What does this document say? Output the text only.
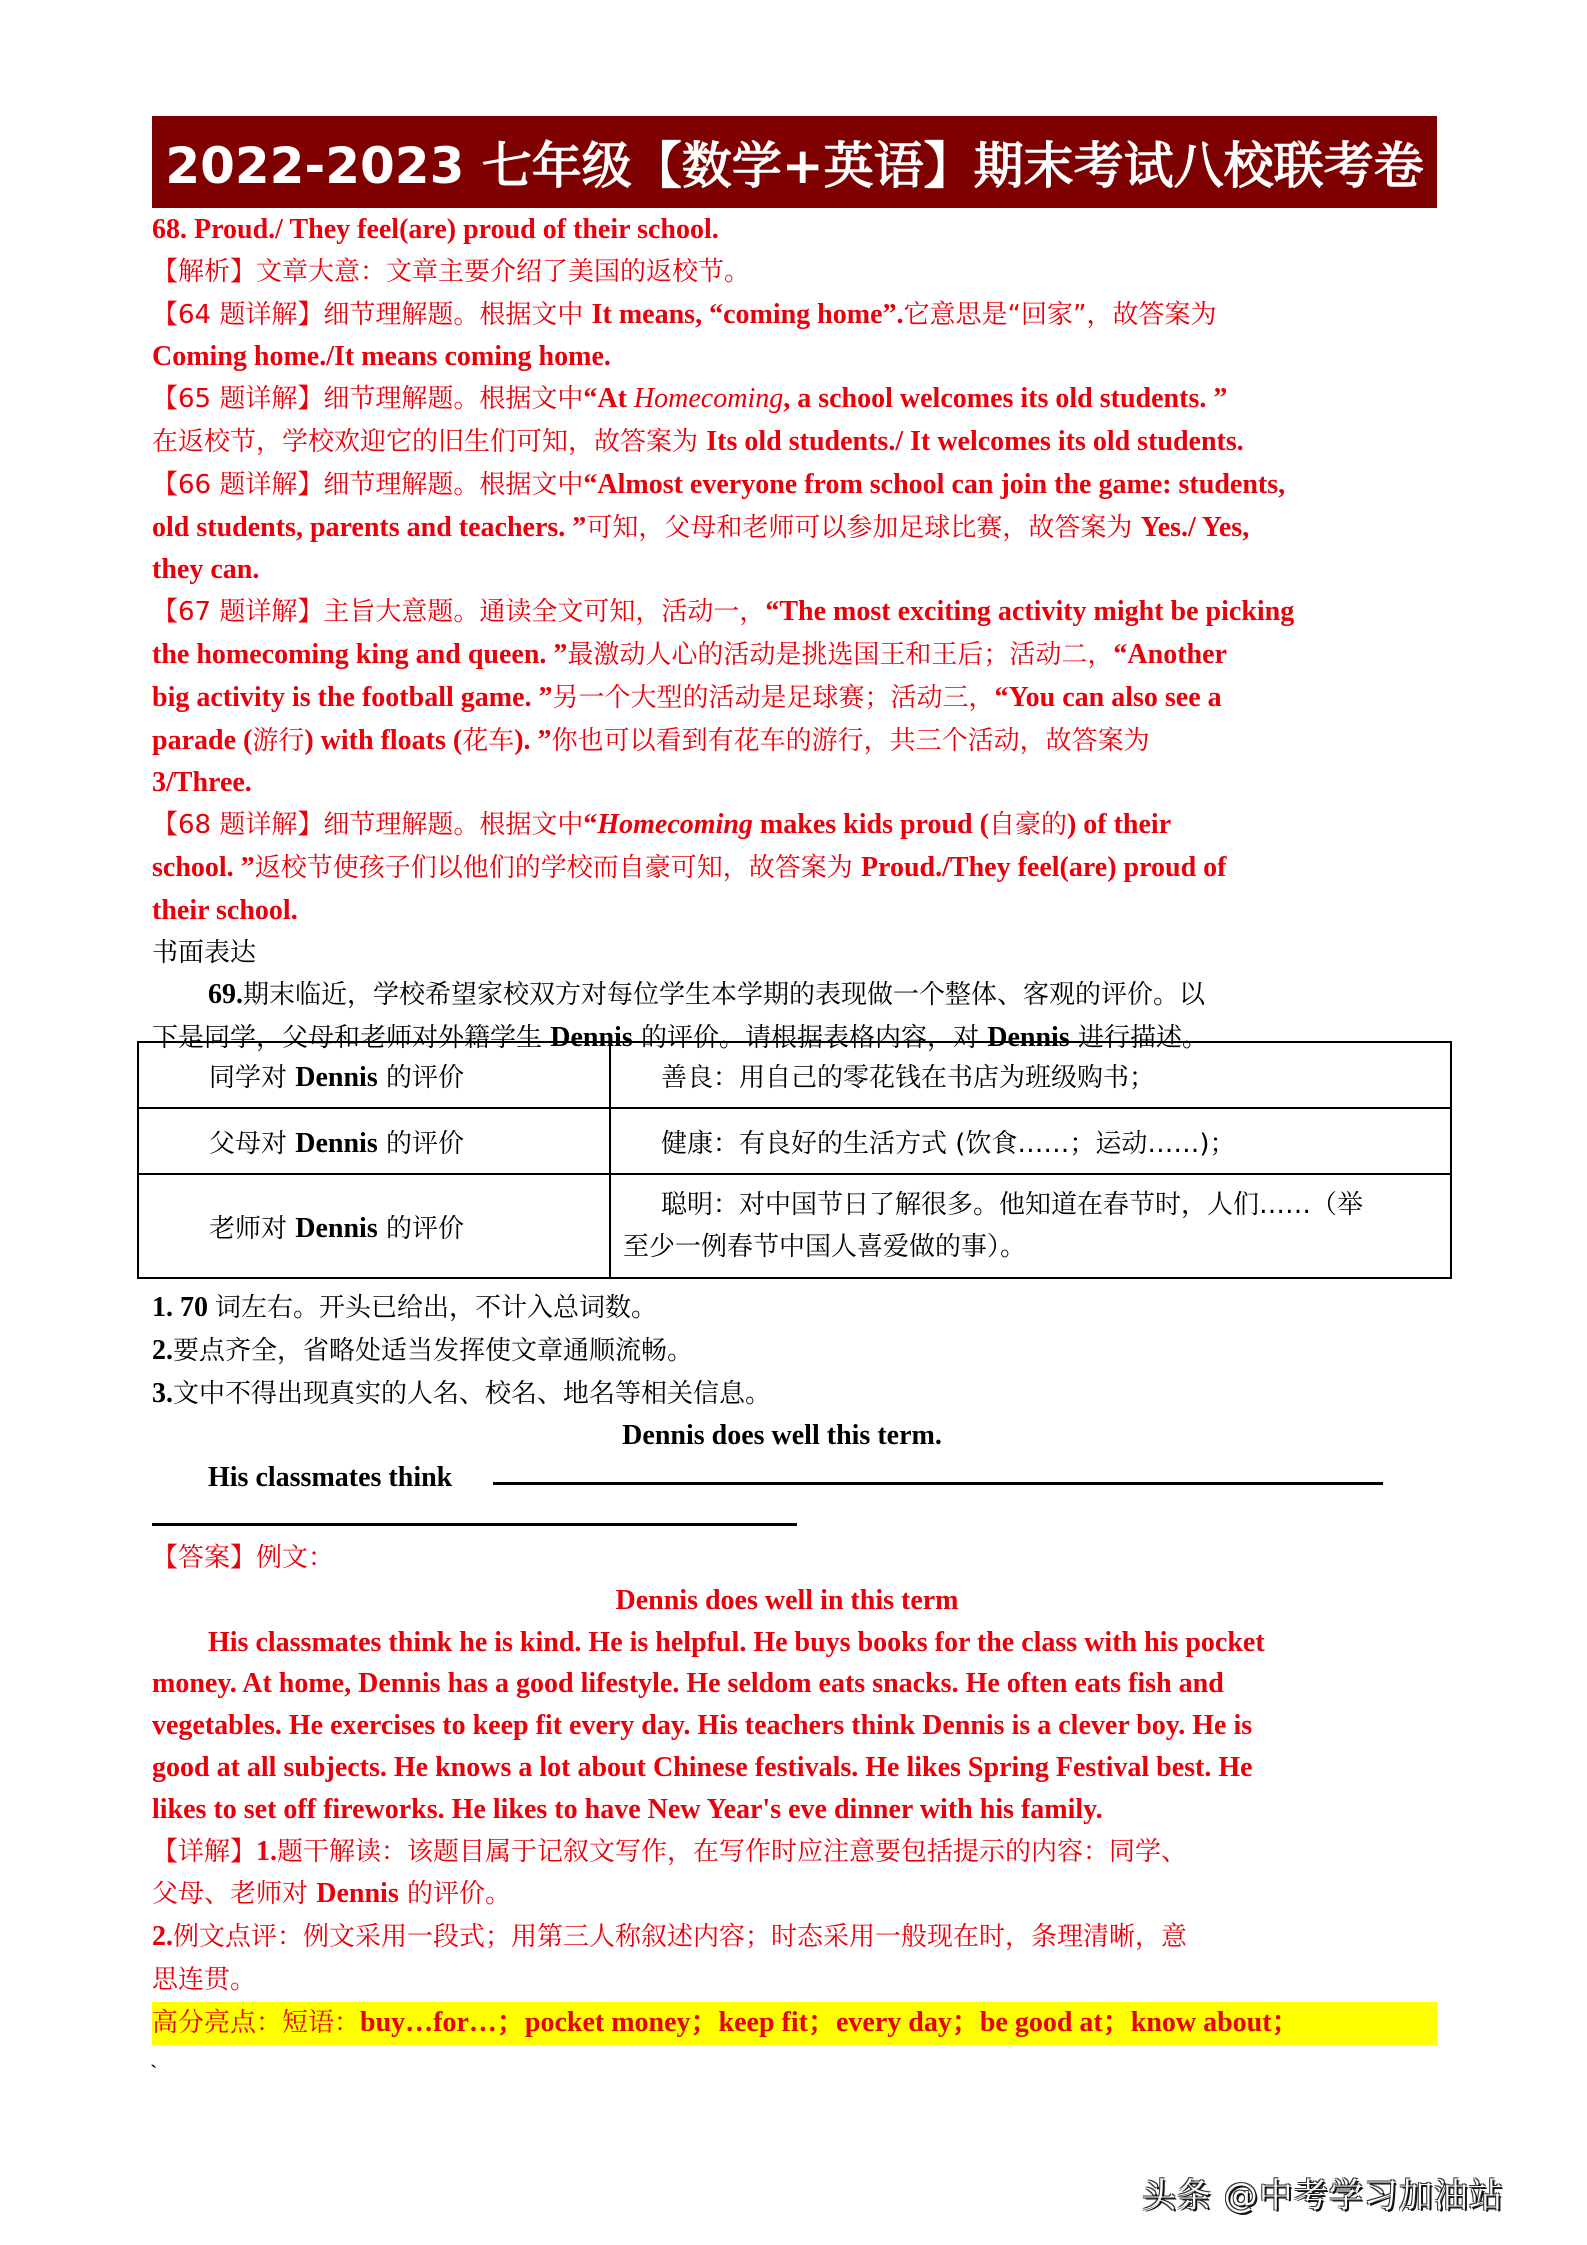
2022-2023 七年级【数学+英语】期末考试八校联考卷
68. Proud./ They feel(are) proud of their school.
【解析】文章大意：文章主要介绍了美国的返校节。
【64 题详解】细节理解题。根据文中 It means, “coming home”.它意思是“回家”，故答案为
Coming home./It means coming home.
【65 题详解】细节理解题。根据文中“At Homecoming, a school welcomes its old students. ”
在返校节，学校欢迎它的旧生们可知，故答案为 Its old students./ It welcomes its old students.
【66 题详解】细节理解题。根据文中“Almost everyone from school can join the game: students,
old students, parents and teachers. ”可知，父母和老师可以参加足球比赛，故答案为 Yes./ Yes,
they can.
【67 题详解】主旨大意题。通读全文可知，活动一，“The most exciting activity might be picking
the homecoming king and queen. ”最激动人心的活动是挑选国王和王后；活动二，“Another
big activity is the football game. ”另一个大型的活动是足球赛；活动三，“You can also see a
parade (游行) with floats (花车). ”你也可以看到有花车的游行，共三个活动，故答案为
3/Three.
【68 题详解】细节理解题。根据文中“Homecoming makes kids proud (自豪的) of their
school. ”返校节使孩子们以他们的学校而自豪可知，故答案为 Proud./They feel(are) proud of
their school.
书面表达
69.期末临近，学校希望家校双方对每位学生本学期的表现做一个整体、客观的评价。以
下是同学，父母和老师对外籍学生 Dennis 的评价。请根据表格内容，对 Dennis 进行描述。
同学对 Dennis 的评价	善良：用自己的零花钱在书店为班级购书；
父母对 Dennis 的评价	健康：有良好的生活方式 (饮食……；运动……)；
老师对 Dennis 的评价	聪明：对中国节日了解很多。他知道在春节时，人们……（举
至少一例春节中国人喜爱做的事）。
1. 70 词左右。开头已给出，不计入总词数。
2.要点齐全，省略处适当发挥使文章通顺流畅。
3.文中不得出现真实的人名、校名、地名等相关信息。
Dennis does well this term.
His classmates think
【答案】例文：
Dennis does well in this term
His classmates think he is kind. He is helpful. He buys books for the class with his pocket
money. At home, Dennis has a good lifestyle. He seldom eats snacks. He often eats fish and
vegetables. He exercises to keep fit every day. His teachers think Dennis is a clever boy. He is
good at all subjects. He knows a lot about Chinese festivals. He likes Spring Festival best. He
likes to set off fireworks. He likes to have New Year's eve dinner with his family.
【详解】1.题干解读：该题目属于记叙文写作，在写作时应注意要包括提示的内容：同学、
父母、老师对 Dennis 的评价。
2.例文点评：例文采用一段式；用第三人称叙述内容；时态采用一般现在时，条理清晰，意
思连贯。
高分亮点：短语：buy…for…；pocket money；keep fit；every day；be good at；know about；
`
头条 @中考学习加油站
